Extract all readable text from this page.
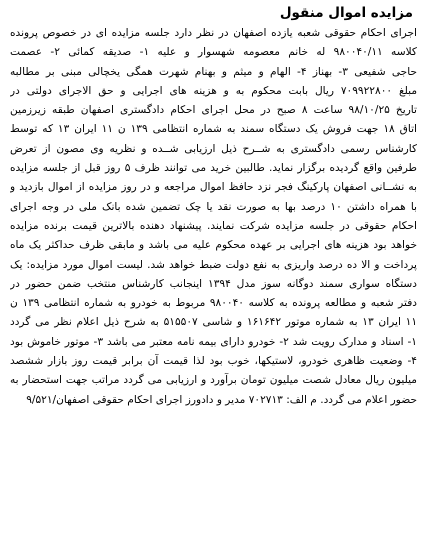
مزایده اموال منقول
اجرای احکام حقوقی شعبه یازده اصفهان در نظر دارد جلسه مزایده ای در خصوص پرونده
کلاسه ۹۸۰۰۴۰/۱۱ له خانم معصومه شهسوار و علیه ۱- صدیقه کمائی ۲- عصمت
حاجی شفیعی ۳- بهناز ۴- الهام و میثم و بهنام شهرت همگی یخچالی مبنی بر مطالبه
مبلغ ۷۰۹۹۲۲۸۰۰ ریال بابت محکوم به و هزینه های اجرایی و حق الاجرای دولتی در
تاریخ ۹۸/۱۰/۲۵ ساعت ۸ صبح در محل اجرای احکام دادگستری اصفهان طبقه زیرزمین
اتاق ۱۸ جهت فروش یک دستگاه سمند به شماره انتظامی ۱۳۹ ن ۱۱ ایران ۱۳ که توسط
کارشناس رسمی دادگستری به شــرح ذیل ارزیابی شــده و نظریه وی مصون از تعرض
طرفین واقع گردیده برگزار نماید. طالبین خرید می توانند ظرف ۵ روز قبل از جلسه مزایده
به نشــانی اصفهان پارکینگ فجر نزد حافظ اموال مراجعه و در روز مزایده از اموال بازدید و
با همراه داشتن ۱۰ درصد بها به صورت نقد یا چک تضمین شده بانک ملی در وجه اجرای
احکام حقوقی در جلسه مزایده شرکت نمایند. پیشنهاد دهنده بالاترین قیمت برنده مزایده
خواهد بود هزینه های اجرایی بر عهده محکوم علیه می باشد و مابقی ظرف حداکثر یک ماه
پرداخت و الا ده درصد واریزی به نفع دولت ضبط خواهد شد. لیست اموال مورد مزایده: یک
دستگاه سواری سمند دوگانه سوز مدل ۱۳۹۴ اینجانب کارشناس منتخب ضمن حضور در
دفتر شعبه و مطالعه پرونده به کلاسه ۹۸۰۰۴۰ مربوط به خودرو به شماره انتظامی ۱۳۹ ن
۱۱ ایران ۱۳ به شماره موتور ۱۶۱۶۴۲ و شاسی ۵۱۵۵۰۷ به شرح ذیل اعلام نظر می گردد
۱- اسناد و مدارک رویت شد ۲- خودرو دارای بیمه نامه معتبر می باشد ۳- موتور خاموش بود
۴- وضعیت ظاهری خودرو، لاستیکها، خوب بود لذا قیمت آن برابر قیمت روز بازار ششصد
میلیون ریال معادل شصت میلیون تومان برآورد و ارزیابی می گردد مراتب جهت استحضار به
حضور اعلام می گردد. م الف: ۷۰۲۷۱۳ مدیر و دادورز اجرای احکام حقوقی اصفهان/۹/۵۲۱
